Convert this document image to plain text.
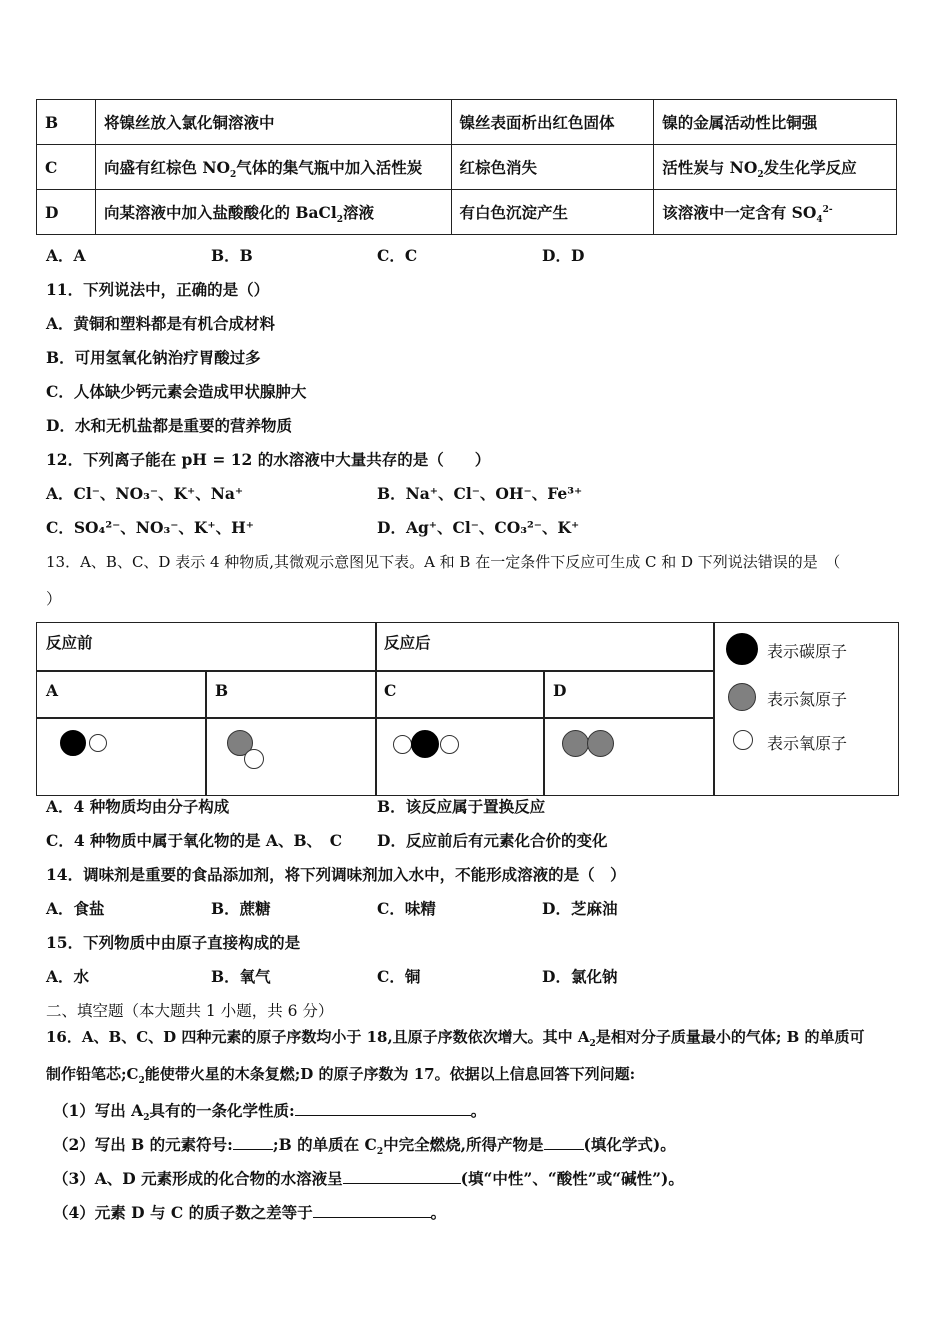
B	将镍丝放入氯化铜溶液中	镍丝表面析出红色固体	镍的金属活动性比铜强
C	向盛有红棕色 $NO_2$气体的集气瓶中加入活性炭	红棕色消失	活性炭与 $NO_2$发生化学反应
D	向某溶液中加入盐酸酸化的 BaCl$_2$溶液	有白色沉淀产生	该溶液中一定含有 $SO_4^{2-}$
A．A	B．B	C．C	D．D
11．下列说法中，正确的是（）
A．黄铜和塑料都是有机合成材料
B．可用氢氧化钠治疗胃酸过多
C．人体缺少钙元素会造成甲状腺肿大
D．水和无机盐都是重要的营养物质
12．下列离子能在 pH = 12 的水溶液中大量共存的是（　　）
A．Cl⁻、NO₃⁻、K⁺、Na⁺	B．Na⁺、Cl⁻、OH⁻、Fe³⁺
C．SO₄²⁻、NO₃⁻、K⁺、H⁺	D．Ag⁺、Cl⁻、CO₃²⁻、K⁺
13．A、B、C、D 表示 4 种物质,其微观示意图见下表。A 和 B 在一定条件下反应可生成 C 和 D 下列说法错误的是　（
）
反应前	反应后
A	B	C	D
表示碳原子
表示氮原子
表示氧原子
A．4 种物质均由分子构成	B．该反应属于置换反应
C．4 种物质中属于氧化物的是 A、B、　C D．反应前后有元素化合价的变化
14．调味剂是重要的食品添加剂，将下列调味剂加入水中，不能形成溶液的是（　）
A．食盐	B．蔗糖	C．味精	D．芝麻油
15．下列物质中由原子直接构成的是
A．水	B．氧气	C．铜	D．氯化钠
二、填空题（本大题共 1 小题，共 6 分）
16．A、B、C、D 四种元素的原子序数均小于 18,且原子序数依次增大。其中 $A_2$是相对分子质量最小的气体; B 的单质可
制作铅笔芯$;C_2$能使带火星的木条复燃;D 的原子序数为 17。依据以上信息回答下列问题:
（1）写出 $A_2$具有的一条化学性质:	。
（2）写出 B 的元素符号:	;B 的单质在 $C_2$中完全燃烧,所得产物是	(填化学式)。
（3）A、D 元素形成的化合物的水溶液呈	(填“中性”、“酸性”或“碱性”)。
（4）元素 D 与 C 的质子数之差等于	。
